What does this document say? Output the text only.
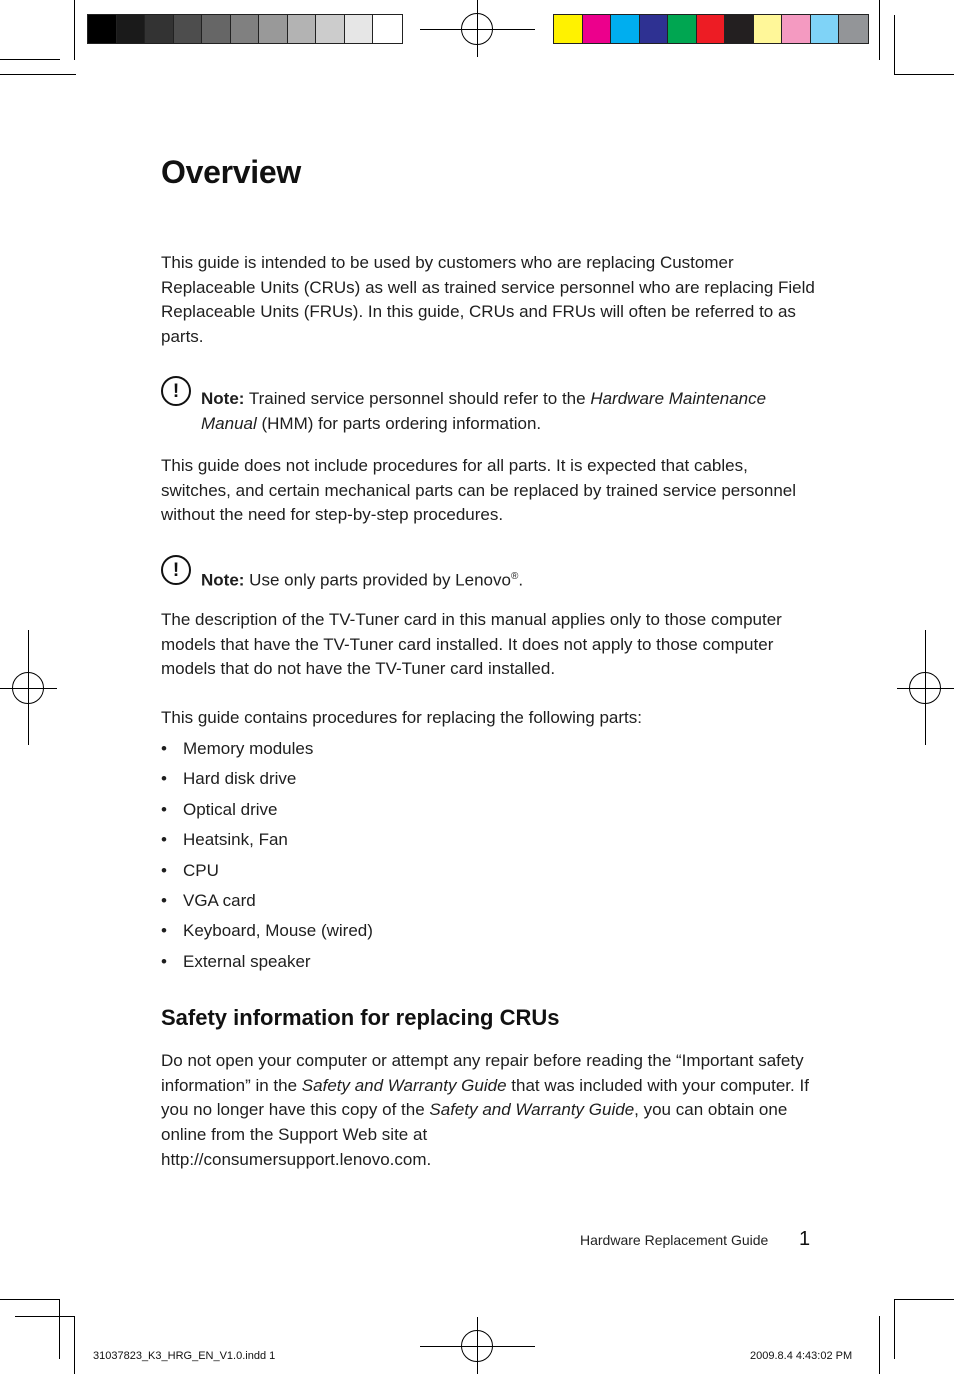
Overview

This guide is intended to be used by customers who are replacing Customer Replaceable Units (CRUs) as well as trained service personnel who are replacing Field Replaceable Units (FRUs). In this guide, CRUs and FRUs will often be referred to as parts.

!	Note: Trained service personnel should refer to the Hardware Maintenance Manual (HMM) for parts ordering information.

This guide does not include procedures for all parts. It is expected that cables, switches, and certain mechanical parts can be replaced by trained service personnel without the need for step-by-step procedures.

!	Note: Use only parts provided by Lenovo®.

The description of the TV-Tuner card in this manual applies only to those computer models that have the TV-Tuner card installed. It does not apply to those computer models that do not have the TV-Tuner card installed.

This guide contains procedures for replacing the following parts:

• Memory modules
• Hard disk drive
• Optical drive
• Heatsink, Fan
• CPU
• VGA card
• Keyboard, Mouse (wired)
• External speaker
Safety information for replacing CRUs

Do not open your computer or attempt any repair before reading the “Important safety information” in the Safety and Warranty Guide that was included with your computer. If you no longer have this copy of the Safety and Warranty Guide, you can obtain one online from the Support Web site at
http://consumersupport.lenovo.com.

Hardware Replacement Guide 1
31037823_K3_HRG_EN_V1.0.indd 1	2009.8.4 4:43:02 PM
